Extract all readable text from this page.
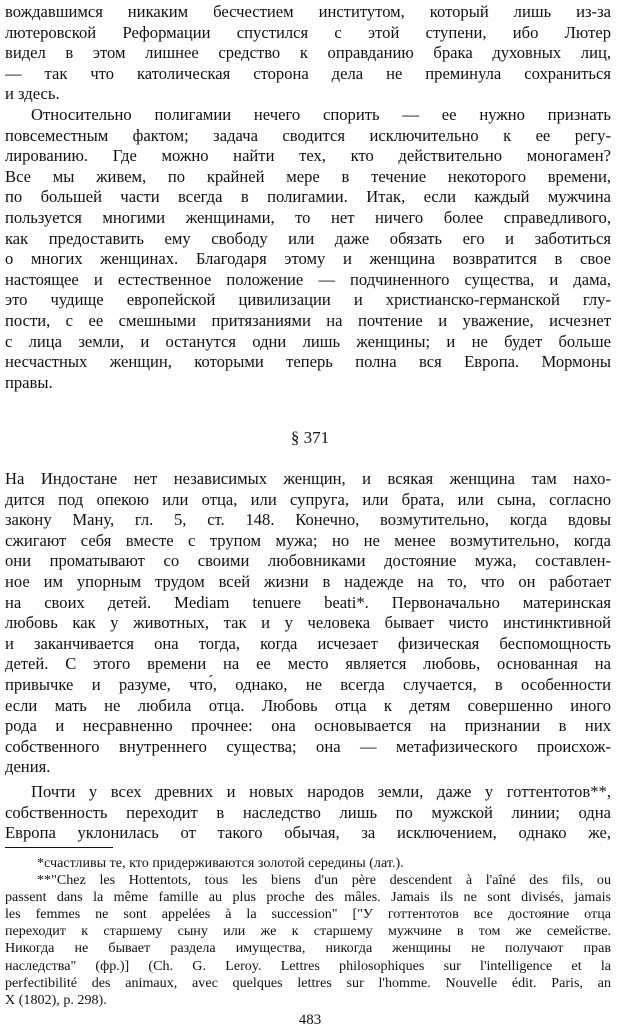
вождавшимся никаким бесчестием институтом, который лишь из-за
лютеровской Реформации спустился с этой ступени, ибо Лютер
видел в этом лишнее средство к оправданию брака духовных лиц,
— так что католическая сторона дела не преминула сохраниться
и здесь.
Относительно полигамии нечего спорить — ее нужно признать
повсеместным фактом; задача сводится исключительно к ее регу-
лированию. Где можно найти тех, кто действительно моногамен?
Все мы живем, по крайней мере в течение некоторого времени,
по большей части всегда в полигамии. Итак, если каждый мужчина
пользуется многими женщинами, то нет ничего более справедливого,
как предоставить ему свободу или даже обязать его и заботиться
о многих женщинах. Благодаря этому и женщина возвратится в свое
настоящее и естественное положение — подчиненного существа, и дама,
это чудище европейской цивилизации и христианско-германской глу-
пости, с ее смешными притязаниями на почтение и уважение, исчезнет
с лица земли, и останутся одни лишь женщины; и не будет больше
несчастных женщин, которыми теперь полна вся Европа. Мормоны
правы.
§ 371
На Индостане нет независимых женщин, и всякая женщина там нахо-
дится под опекою или отца, или супруга, или брата, или сына, согласно
закону Ману, гл. 5, ст. 148. Конечно, возмутительно, когда вдовы
сжигают себя вместе с трупом мужа; но не менее возмутительно, когда
они проматывают со своими любовниками достояние мужа, составлен-
ное им упорным трудом всей жизни в надежде на то, что он работает
на своих детей. Mediam tenuere beati*. Первоначально материнская
любовь как у животных, так и у человека бывает чисто инстинктивной
и заканчивается она тогда, когда исчезает физическая беспомощность
детей. С этого времени на ее место является любовь, основанная на
привычке и разуме, что́, однако, не всегда случается, в особенности
если мать не любила отца. Любовь отца к детям совершенно иного
рода и несравненно прочнее: она основывается на признании в них
собственного внутреннего существа; она — метафизического происхож-
дения.
Почти у всех древних и новых народов земли, даже у готтентотов**,
собственность переходит в наследство лишь по мужской линии; одна
Европа уклонилась от такого обычая, за исключением, однако же,
*счастливы те, кто придерживаются золотой середины (лат.).
**"Chez les Hottentots, tous les biens d'un père descendent à l'aîné des fils, ou
passent dans la même famille au plus proche des mâles. Jamais ils ne sont divisés, jamais
les femmes ne sont appelées à la succession" ["У готтентотов все достояние отца
переходит к старшему сыну или же к старшему мужчине в том же семействе.
Никогда не бывает раздела имущества, никогда женщины не получают прав
наследства" (фр.)] (Ch. G. Leroy. Lettres philosophiques sur l'intelligence et la
perfectibilité des animaux, avec quelques lettres sur l'homme. Nouvelle édit. Paris, an
X (1802), p. 298).
483
